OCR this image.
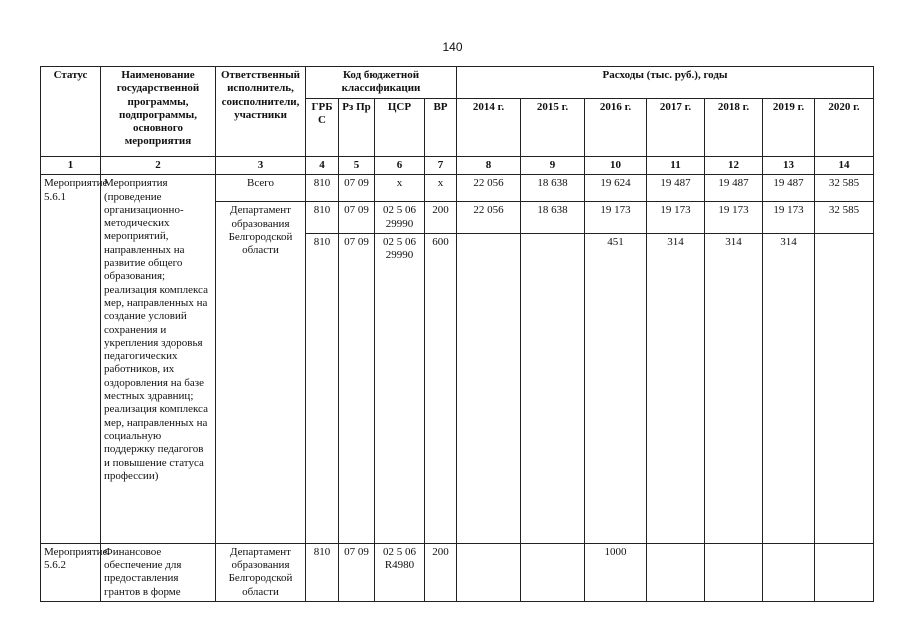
140
Статус	Наименование государственной программы, подпрограммы, основного мероприятия	Ответственный исполнитель, соисполнители, участники	Код бюджетной классификации				Расходы (тыс. руб.), годы						
			ГРБ С	Рз Пр	ЦСР	ВР	2014 г.	2015 г.	2016 г.	2017 г.	2018 г.	2019 г.	2020 г.
1	2	3	4	5	6	7	8	9	10	11	12	13	14
Мероприятие 5.6.1	Мероприятия (проведение организационно-методических мероприятий, направленных на развитие общего образования; реализация комплекса мер, направленных на создание условий сохранения и укрепления здоровья педагогических работников, их оздоровления на базе местных здравниц; реализация комплекса мер, направленных на социальную поддержку педагогов и повышение статуса профессии)	Всего	810	07 09	х	х	22 056	18 638	19 624	19 487	19 487	19 487	32 585
		Департамент образования Белгородской области	810	07 09	02 5 06 29990	200	22 056	18 638	19 173	19 173	19 173	19 173	32 585
			810	07 09	02 5 06 29990	600			451	314	314	314	
Мероприятие 5.6.2	Финансовое обеспечение для предоставления грантов в форме	Департамент образования Белгородской области	810	07 09	02 5 06 R4980	200			1000				
